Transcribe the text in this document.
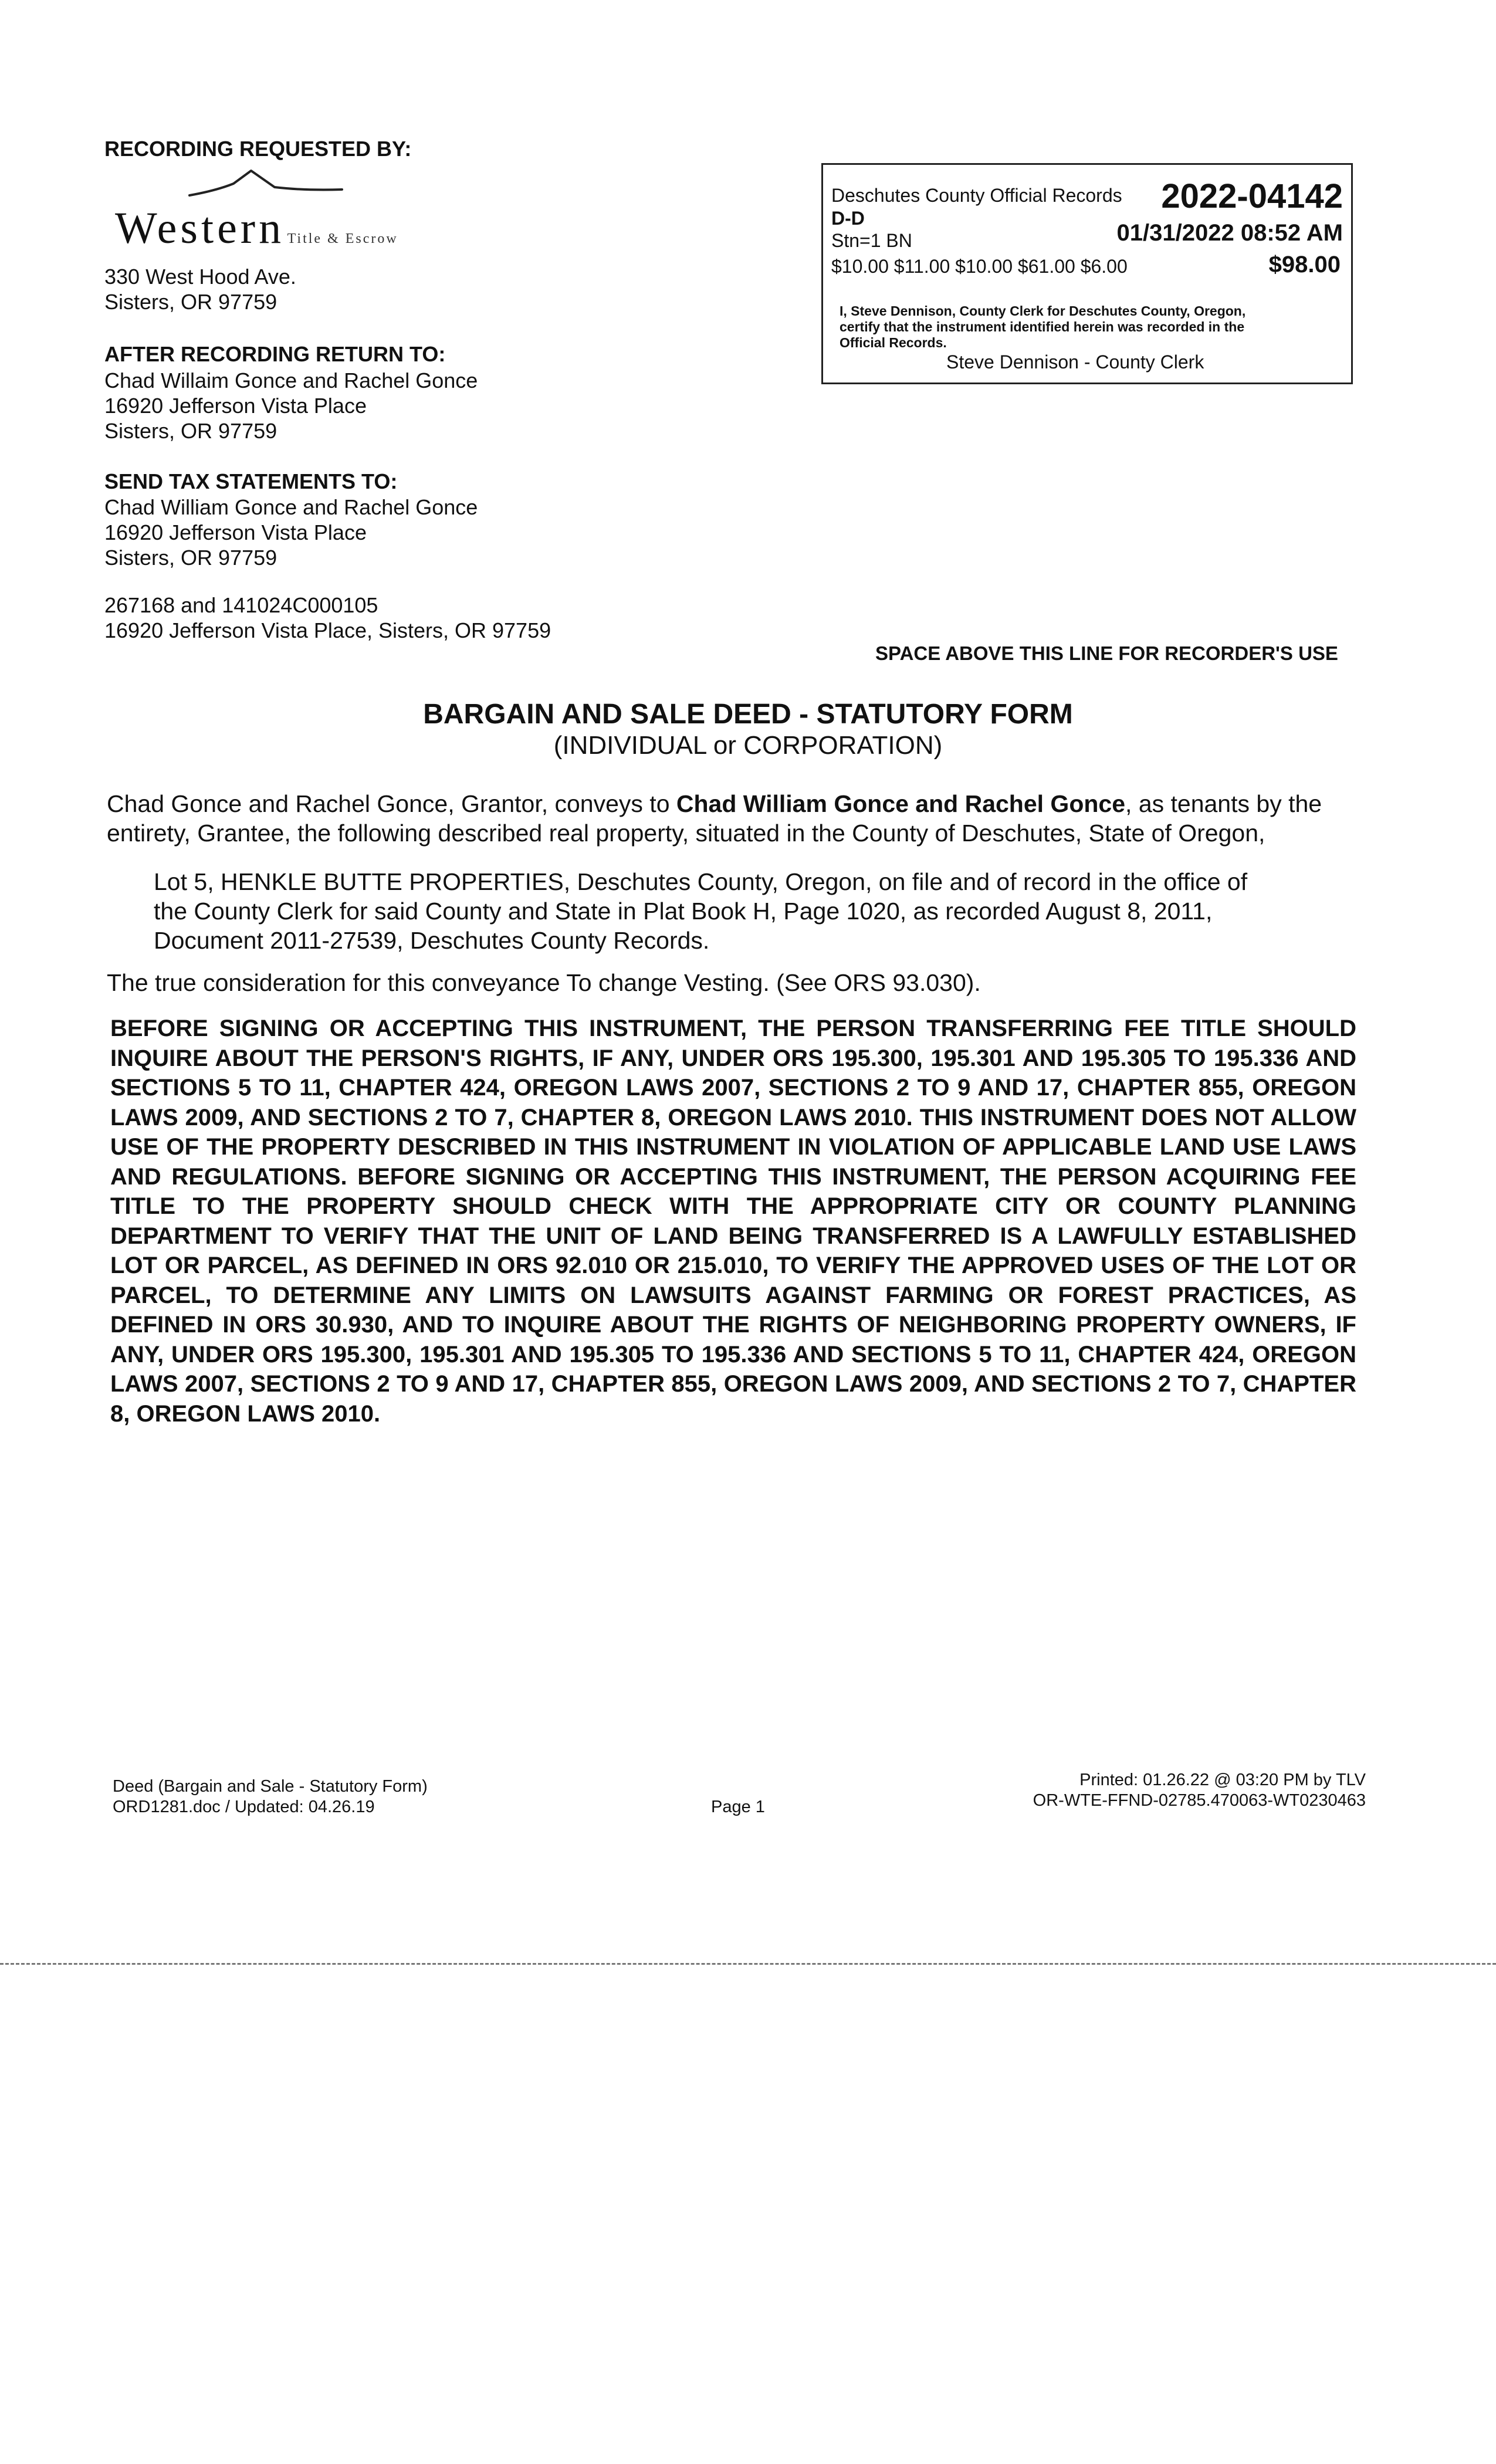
RECORDING REQUESTED BY:
Western Title & Escrow
330 West Hood Ave.
Sisters, OR 97759
AFTER RECORDING RETURN TO:
Chad Willaim Gonce and Rachel Gonce
16920 Jefferson Vista Place
Sisters, OR 97759
SEND TAX STATEMENTS TO:
Chad William Gonce and Rachel Gonce
16920 Jefferson Vista Place
Sisters, OR 97759
267168 and 141024C000105
16920 Jefferson Vista Place, Sisters, OR 97759
Deschutes County Official Records 2022-04142
D-D
Stn=1 BN	01/31/2022 08:52 AM
$10.00 $11.00 $10.00 $61.00 $6.00	$98.00
I, Steve Dennison, County Clerk for Deschutes County, Oregon,
certify that the instrument identified herein was recorded in the
Official Records.
Steve Dennison - County Clerk
SPACE ABOVE THIS LINE FOR RECORDER'S USE
BARGAIN AND SALE DEED - STATUTORY FORM
(INDIVIDUAL or CORPORATION)
Chad Gonce and Rachel Gonce, Grantor, conveys to Chad William Gonce and Rachel Gonce, as tenants by the
entirety, Grantee, the following described real property, situated in the County of Deschutes, State of Oregon,
Lot 5, HENKLE BUTTE PROPERTIES, Deschutes County, Oregon, on file and of record in the office of
the County Clerk for said County and State in Plat Book H, Page 1020, as recorded August 8, 2011,
Document 2011-27539, Deschutes County Records.
The true consideration for this conveyance To change Vesting. (See ORS 93.030).
BEFORE SIGNING OR ACCEPTING THIS INSTRUMENT, THE PERSON TRANSFERRING FEE TITLE SHOULD INQUIRE ABOUT THE PERSON'S RIGHTS, IF ANY, UNDER ORS 195.300, 195.301 AND 195.305 TO 195.336 AND SECTIONS 5 TO 11, CHAPTER 424, OREGON LAWS 2007, SECTIONS 2 TO 9 AND 17, CHAPTER 855, OREGON LAWS 2009, AND SECTIONS 2 TO 7, CHAPTER 8, OREGON LAWS 2010. THIS INSTRUMENT DOES NOT ALLOW USE OF THE PROPERTY DESCRIBED IN THIS INSTRUMENT IN VIOLATION OF APPLICABLE LAND USE LAWS AND REGULATIONS. BEFORE SIGNING OR ACCEPTING THIS INSTRUMENT, THE PERSON ACQUIRING FEE TITLE TO THE PROPERTY SHOULD CHECK WITH THE APPROPRIATE CITY OR COUNTY PLANNING DEPARTMENT TO VERIFY THAT THE UNIT OF LAND BEING TRANSFERRED IS A LAWFULLY ESTABLISHED LOT OR PARCEL, AS DEFINED IN ORS 92.010 OR 215.010, TO VERIFY THE APPROVED USES OF THE LOT OR PARCEL, TO DETERMINE ANY LIMITS ON LAWSUITS AGAINST FARMING OR FOREST PRACTICES, AS DEFINED IN ORS 30.930, AND TO INQUIRE ABOUT THE RIGHTS OF NEIGHBORING PROPERTY OWNERS, IF ANY, UNDER ORS 195.300, 195.301 AND 195.305 TO 195.336 AND SECTIONS 5 TO 11, CHAPTER 424, OREGON LAWS 2007, SECTIONS 2 TO 9 AND 17, CHAPTER 855, OREGON LAWS 2009, AND SECTIONS 2 TO 7, CHAPTER 8, OREGON LAWS 2010.
Deed (Bargain and Sale - Statutory Form)
ORD1281.doc / Updated: 04.26.19	Page 1
Printed: 01.26.22 @ 03:20 PM by TLV
OR-WTE-FFND-02785.470063-WT0230463
